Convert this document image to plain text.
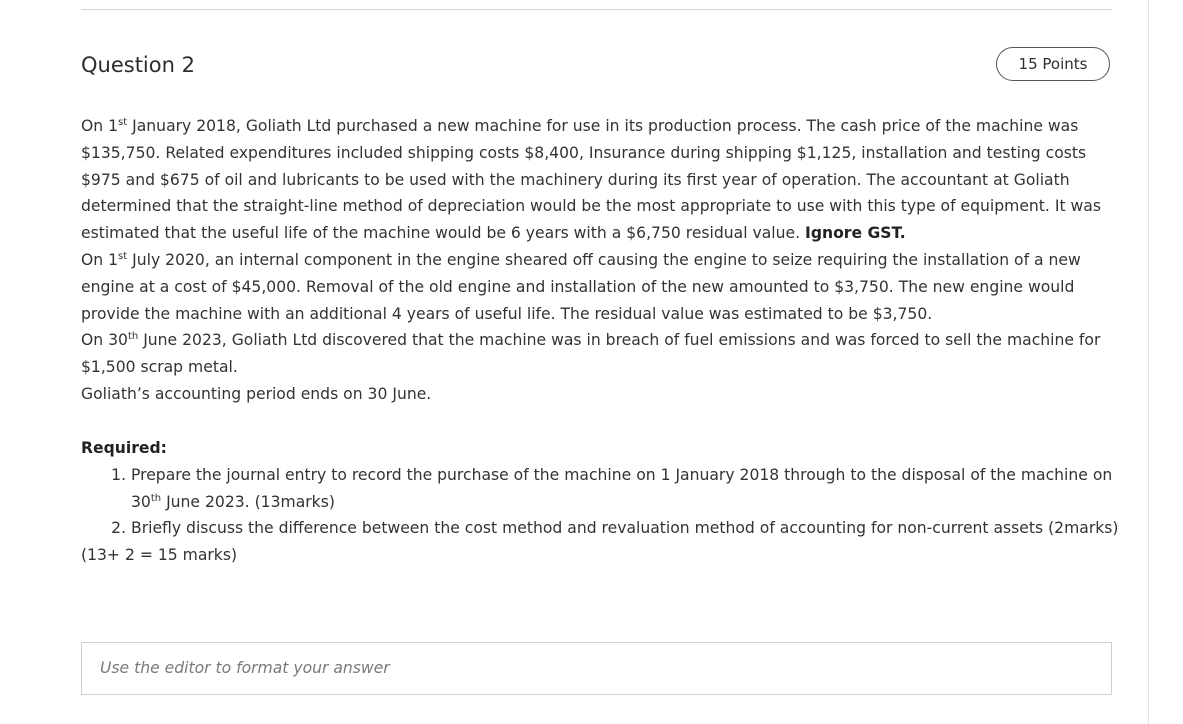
Question 2	15 Points

On 1st January 2018, Goliath Ltd purchased a new machine for use in its production process. The cash price of the machine was $135,750. Related expenditures included shipping costs $8,400, Insurance during shipping $1,125, installation and testing costs $975 and $675 of oil and lubricants to be used with the machinery during its first year of operation. The accountant at Goliath determined that the straight-line method of depreciation would be the most appropriate to use with this type of equipment. It was estimated that the useful life of the machine would be 6 years with a $6,750 residual value. Ignore GST.

On 1st July 2020, an internal component in the engine sheared off causing the engine to seize requiring the installation of a new engine at a cost of $45,000. Removal of the old engine and installation of the new amounted to $3,750. The new engine would provide the machine with an additional 4 years of useful life. The residual value was estimated to be $3,750.

On 30th June 2023, Goliath Ltd discovered that the machine was in breach of fuel emissions and was forced to sell the machine for $1,500 scrap metal.

Goliath’s accounting period ends on 30 June.

Required:

1. Prepare the journal entry to record the purchase of the machine on 1 January 2018 through to the disposal of the machine on 30th June 2023. (13marks)
2. Briefly discuss the difference between the cost method and revaluation method of accounting for non-current assets (2marks)

(13+ 2 = 15 marks)

Use the editor to format your answer
